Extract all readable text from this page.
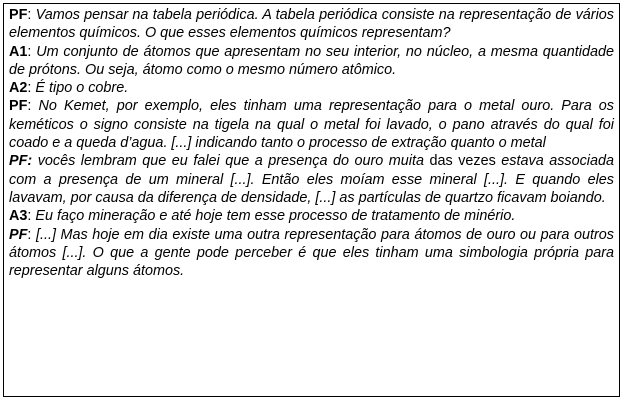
PF: Vamos pensar na tabela periódica. A tabela periódica consiste na representação de vários elementos químicos. O que esses elementos químicos representam?

A1: Um conjunto de átomos que apresentam no seu interior, no núcleo, a mesma quantidade de prótons. Ou seja, átomo como o mesmo número atômico.

A2: É tipo o cobre.

PF: No Kemet, por exemplo, eles tinham uma representação para o metal ouro. Para os keméticos o signo consiste na tigela na qual o metal foi lavado, o pano através do qual foi coado e a queda d’agua. [...] indicando tanto o processo de extração quanto o metal

PF: vocês lembram que eu falei que a presença do ouro muita das vezes estava associada com a presença de um mineral [...]. Então eles moíam esse mineral [...]. E quando eles lavavam, por causa da diferença de densidade, [...] as partículas de quartzo ficavam boiando.

A3: Eu faço mineração e até hoje tem esse processo de tratamento de minério.

PF: [...] Mas hoje em dia existe uma outra representação para átomos de ouro ou para outros átomos [...]. O que a gente pode perceber é que eles tinham uma simbologia própria para representar alguns átomos.
